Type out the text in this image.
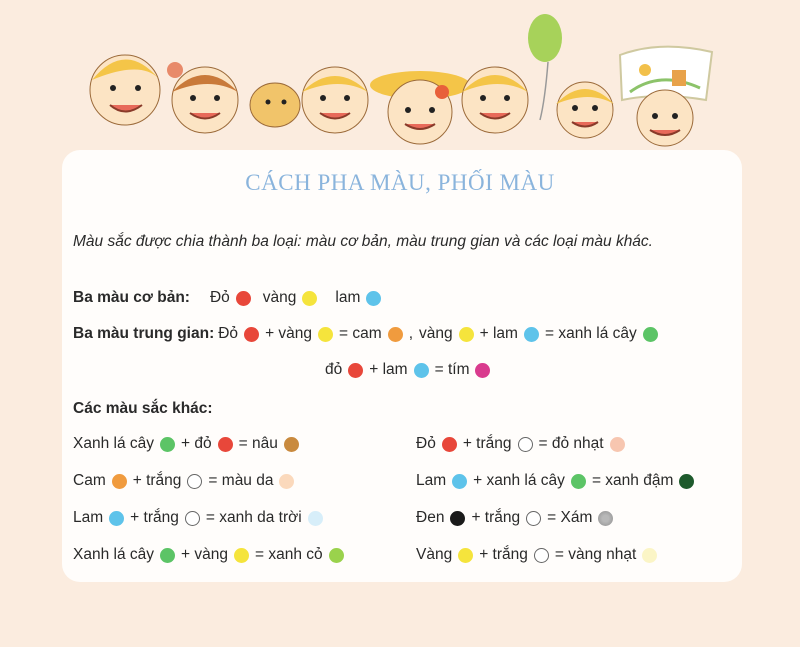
CÁCH PHA MÀU, PHỐI MÀU
Màu sắc được chia thành ba loại: màu cơ bản, màu trung gian và các loại màu khác.
Ba màu cơ bản: Đỏ vàng	lam
Ba màu trung gian: Đỏ + vàng = cam , vàng + lam = xanh lá cây
đỏ + lam = tím
Các màu sắc khác:
Xanh lá cây + đỏ = nâu
Cam + trắng = màu da
Lam + trắng = xanh da trời
Xanh lá cây + vàng = xanh cỏ
Đỏ + trắng = đỏ nhạt
Lam + xanh lá cây = xanh đậm
Đen + trắng = Xám
Vàng + trắng = vàng nhạt
